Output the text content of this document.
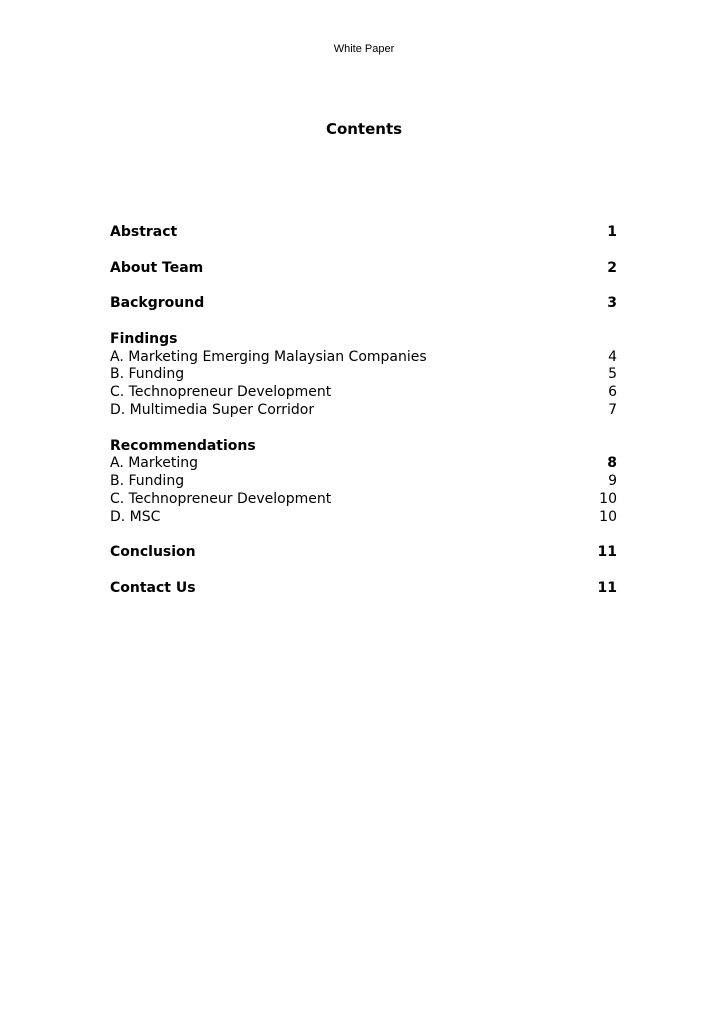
White Paper
Contents
Abstract	1
About Team	2
Background	3
Findings
A. Marketing Emerging Malaysian Companies	4
B. Funding	5
C. Technopreneur Development	6
D. Multimedia Super Corridor	7
Recommendations
A. Marketing	8
B. Funding	9
C. Technopreneur Development	10
D. MSC	10
Conclusion	11
Contact Us	11
